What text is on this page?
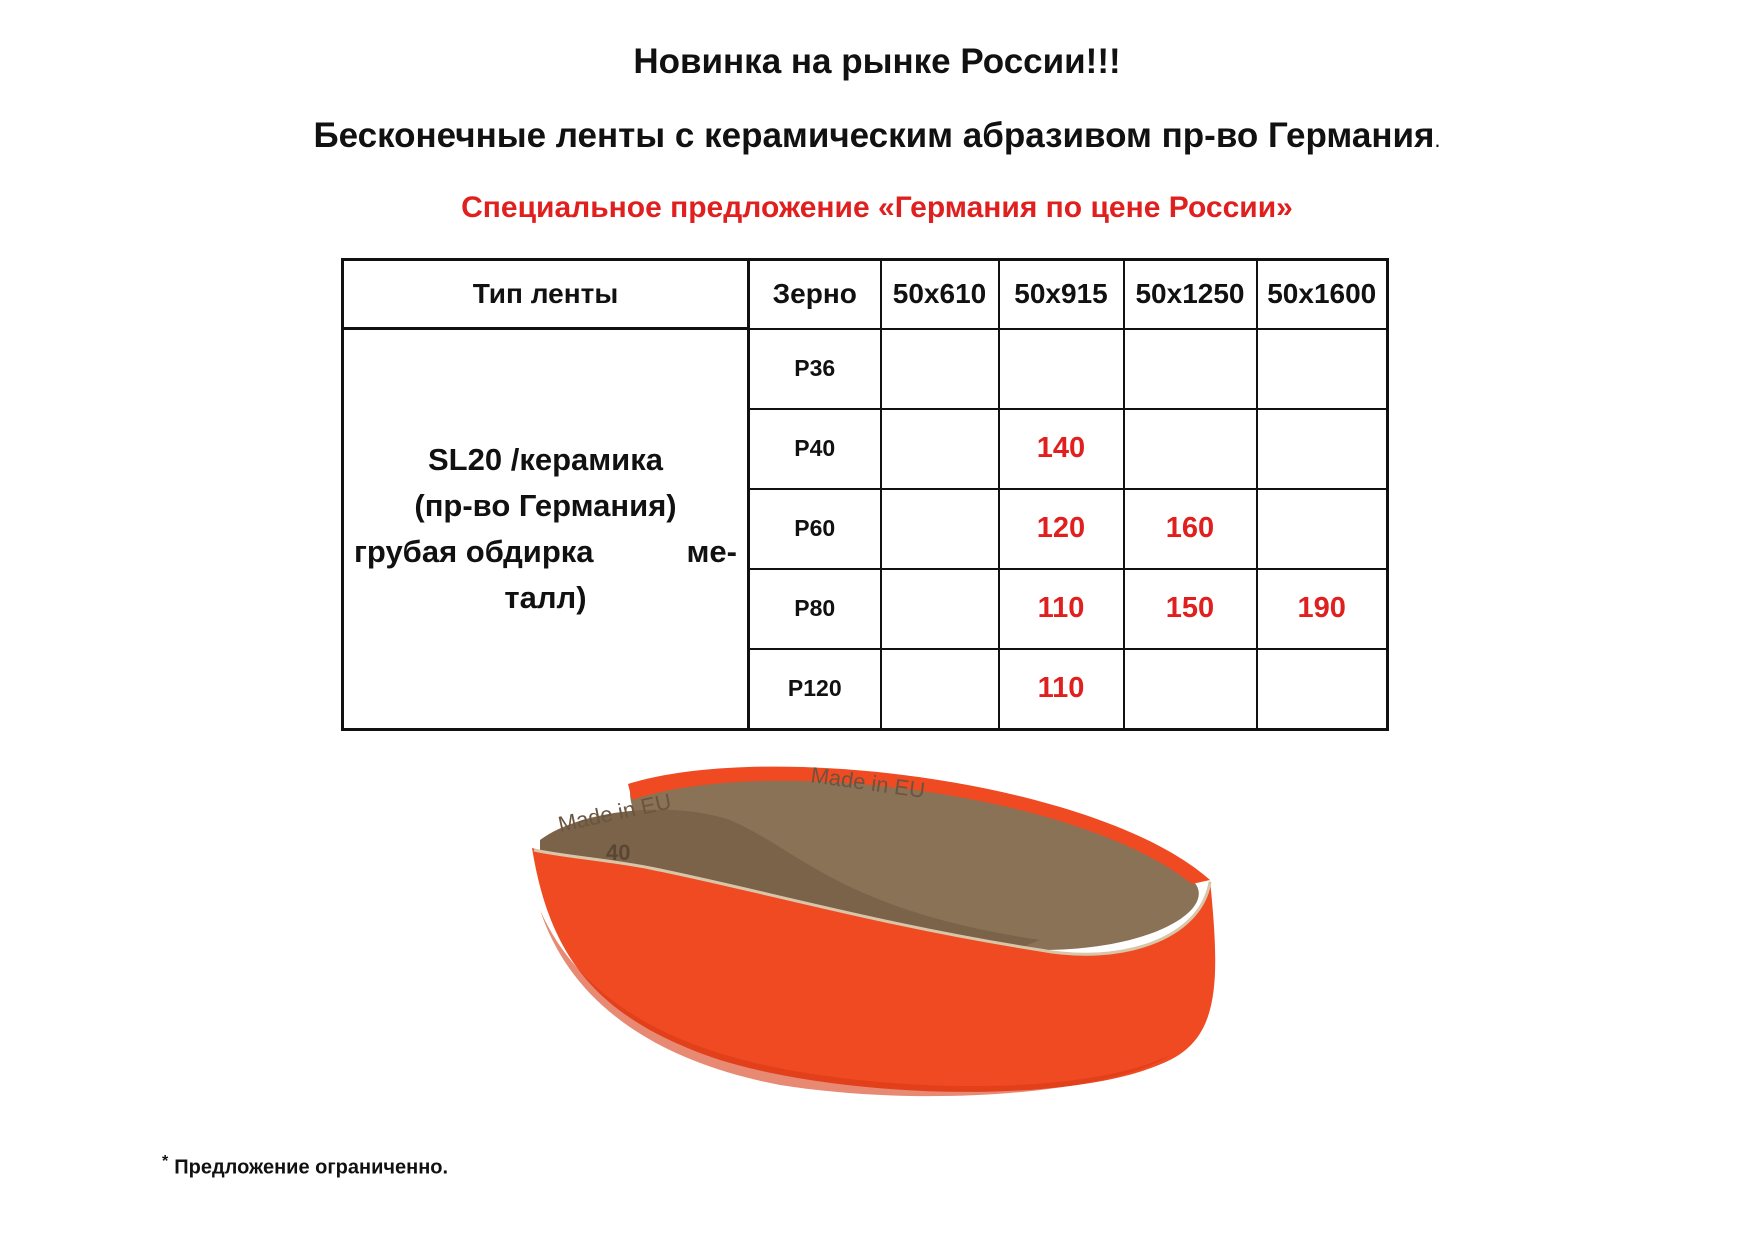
Новинка на рынке России!!!
Бесконечные ленты с керамическим абразивом пр-во Германия.
Специальное предложение «Германия по цене России»
Тип ленты	Зерно	50х610	50х915	50х1250	50х1600

SL20 /керамика
(пр-во Германия)
грубая обдирка ме-
талл)	P36				
	P40		140		
	P60		120	160	
	P80		110	150	190
	P120		110		
Made in EU
Made in EU
40
* Предложение ограниченно.
